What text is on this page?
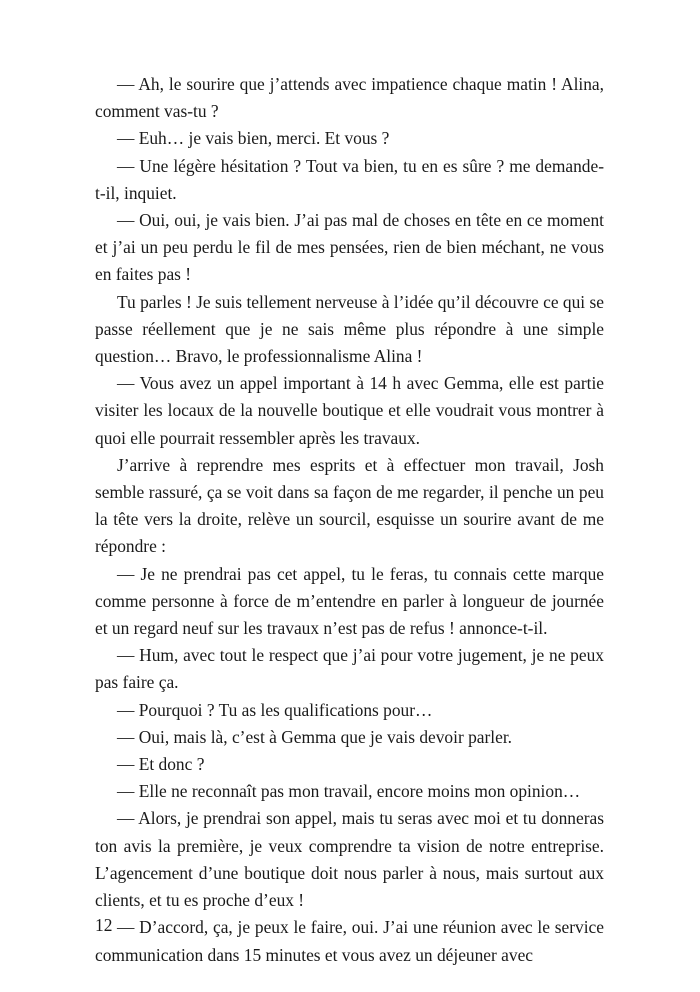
— Ah, le sourire que j’attends avec impatience chaque matin ! Alina, comment vas-tu ?

— Euh… je vais bien, merci. Et vous ?

— Une légère hésitation ? Tout va bien, tu en es sûre ? me demande-t-il, inquiet.

— Oui, oui, je vais bien. J’ai pas mal de choses en tête en ce moment et j’ai un peu perdu le fil de mes pensées, rien de bien méchant, ne vous en faites pas !

Tu parles ! Je suis tellement nerveuse à l’idée qu’il découvre ce qui se passe réellement que je ne sais même plus répondre à une simple question… Bravo, le professionnalisme Alina !

— Vous avez un appel important à 14 h avec Gemma, elle est partie visiter les locaux de la nouvelle boutique et elle voudrait vous montrer à quoi elle pourrait ressembler après les travaux.

J’arrive à reprendre mes esprits et à effectuer mon travail, Josh semble rassuré, ça se voit dans sa façon de me regarder, il penche un peu la tête vers la droite, relève un sourcil, esquisse un sourire avant de me répondre :

— Je ne prendrai pas cet appel, tu le feras, tu connais cette marque comme personne à force de m’entendre en parler à longueur de journée et un regard neuf sur les travaux n’est pas de refus ! annonce-t-il.

— Hum, avec tout le respect que j’ai pour votre jugement, je ne peux pas faire ça.

— Pourquoi ? Tu as les qualifications pour…

— Oui, mais là, c’est à Gemma que je vais devoir parler.

— Et donc ?

— Elle ne reconnaît pas mon travail, encore moins mon opinion…

— Alors, je prendrai son appel, mais tu seras avec moi et tu donneras ton avis la première, je veux comprendre ta vision de notre entreprise. L’agencement d’une boutique doit nous parler à nous, mais surtout aux clients, et tu es proche d’eux !

— D’accord, ça, je peux le faire, oui. J’ai une réunion avec le service communication dans 15 minutes et vous avez un déjeuner avec

12
